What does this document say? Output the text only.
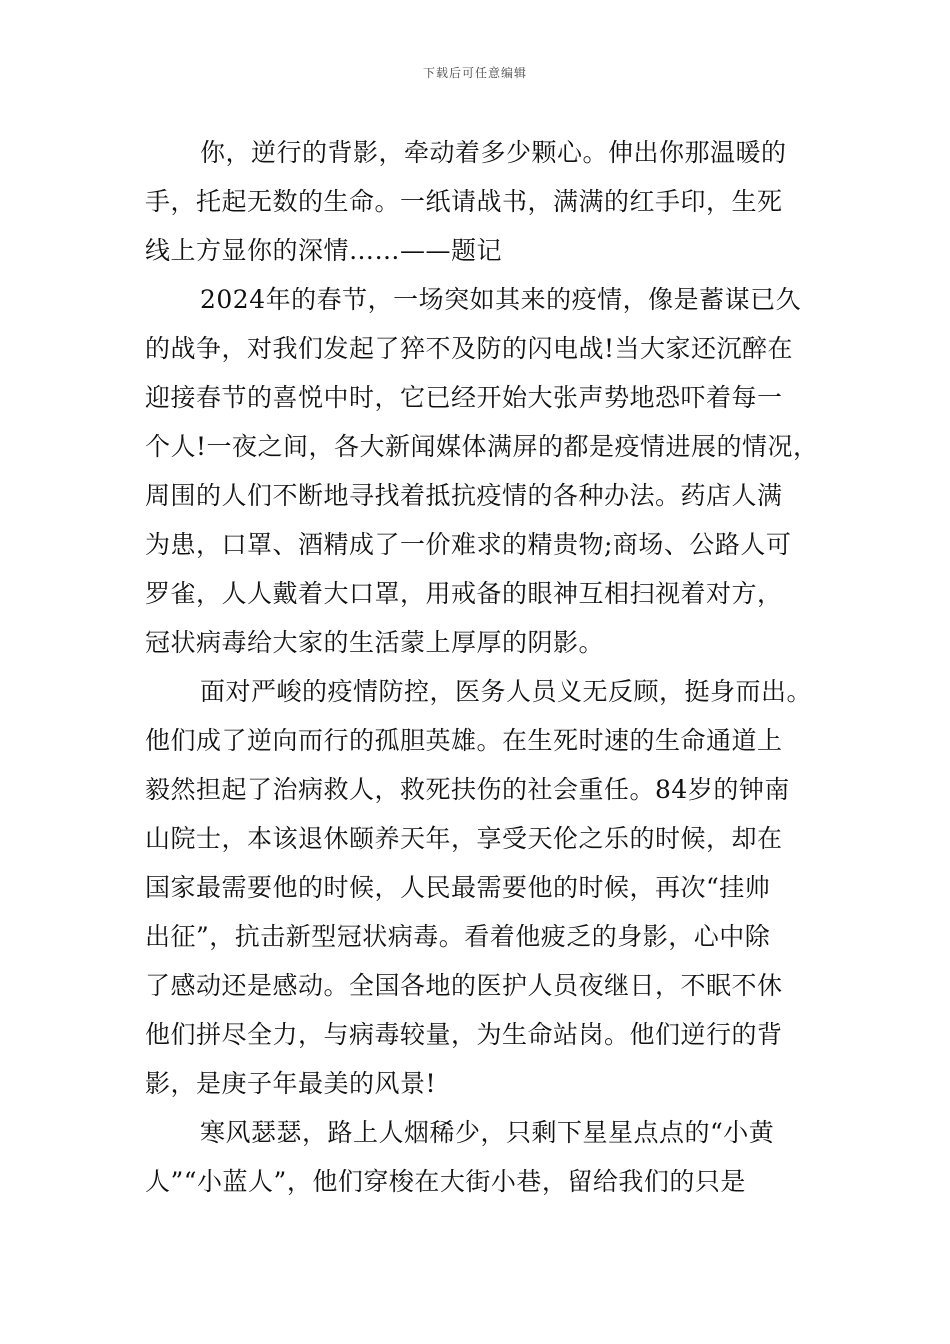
下载后可任意编辑
你，逆行的背影，牵动着多少颗心。伸出你那温暖的
手，托起无数的生命。一纸请战书，满满的红手印，生死
线上方显你的深情……——题记
2024年的春节，一场突如其来的疫情，像是蓄谋已久
的战争，对我们发起了猝不及防的闪电战!当大家还沉醉在
迎接春节的喜悦中时，它已经开始大张声势地恐吓着每一
个人!一夜之间，各大新闻媒体满屏的都是疫情进展的情况，
周围的人们不断地寻找着抵抗疫情的各种办法。药店人满
为患，口罩、酒精成了一价难求的精贵物;商场、公路人可
罗雀，人人戴着大口罩，用戒备的眼神互相扫视着对方，
冠状病毒给大家的生活蒙上厚厚的阴影。
面对严峻的疫情防控，医务人员义无反顾，挺身而出。
他们成了逆向而行的孤胆英雄。在生死时速的生命通道上
毅然担起了治病救人，救死扶伤的社会重任。84岁的钟南
山院士，本该退休颐养天年，享受天伦之乐的时候，却在
国家最需要他的时候，人民最需要他的时候，再次“挂帅
出征”，抗击新型冠状病毒。看着他疲乏的身影，心中除
了感动还是感动。全国各地的医护人员夜继日，不眠不休
他们拼尽全力，与病毒较量，为生命站岗。他们逆行的背
影，是庚子年最美的风景!
寒风瑟瑟，路上人烟稀少，只剩下星星点点的“小黄
人”“小蓝人”，他们穿梭在大街小巷，留给我们的只是
